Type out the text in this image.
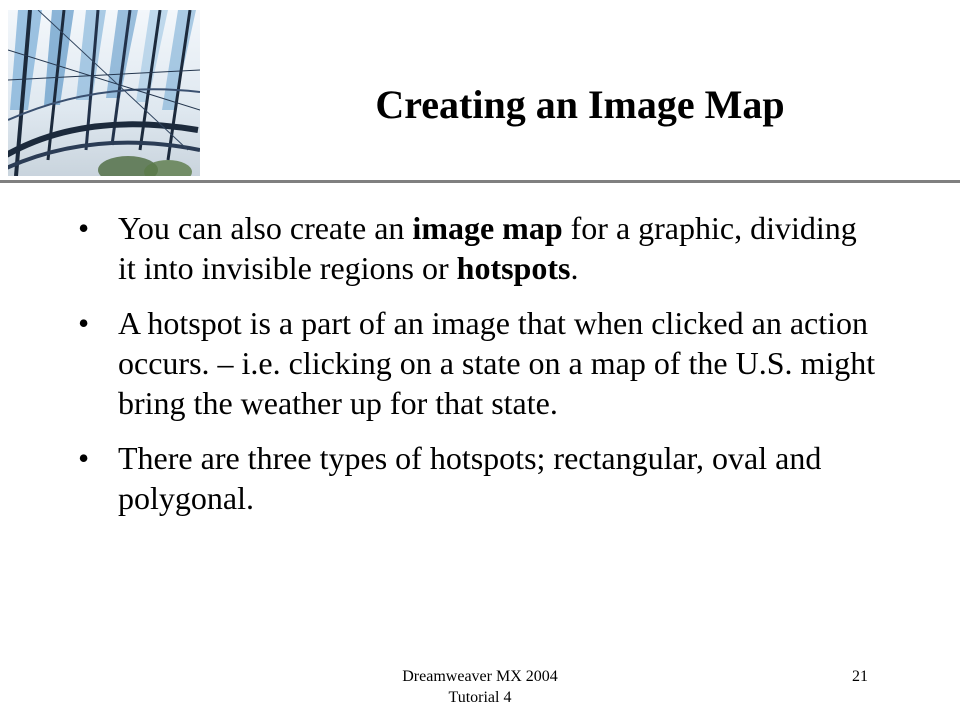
Creating an Image Map
• You can also create an image map for a graphic, dividing it into invisible regions or hotspots.
• A hotspot is a part of an image that when clicked an action occurs. – i.e. clicking on a state on a map of the U.S. might bring the weather up for that state.
• There are three types of hotspots; rectangular, oval and polygonal.
Dreamweaver MX 2004
Tutorial 4
21
